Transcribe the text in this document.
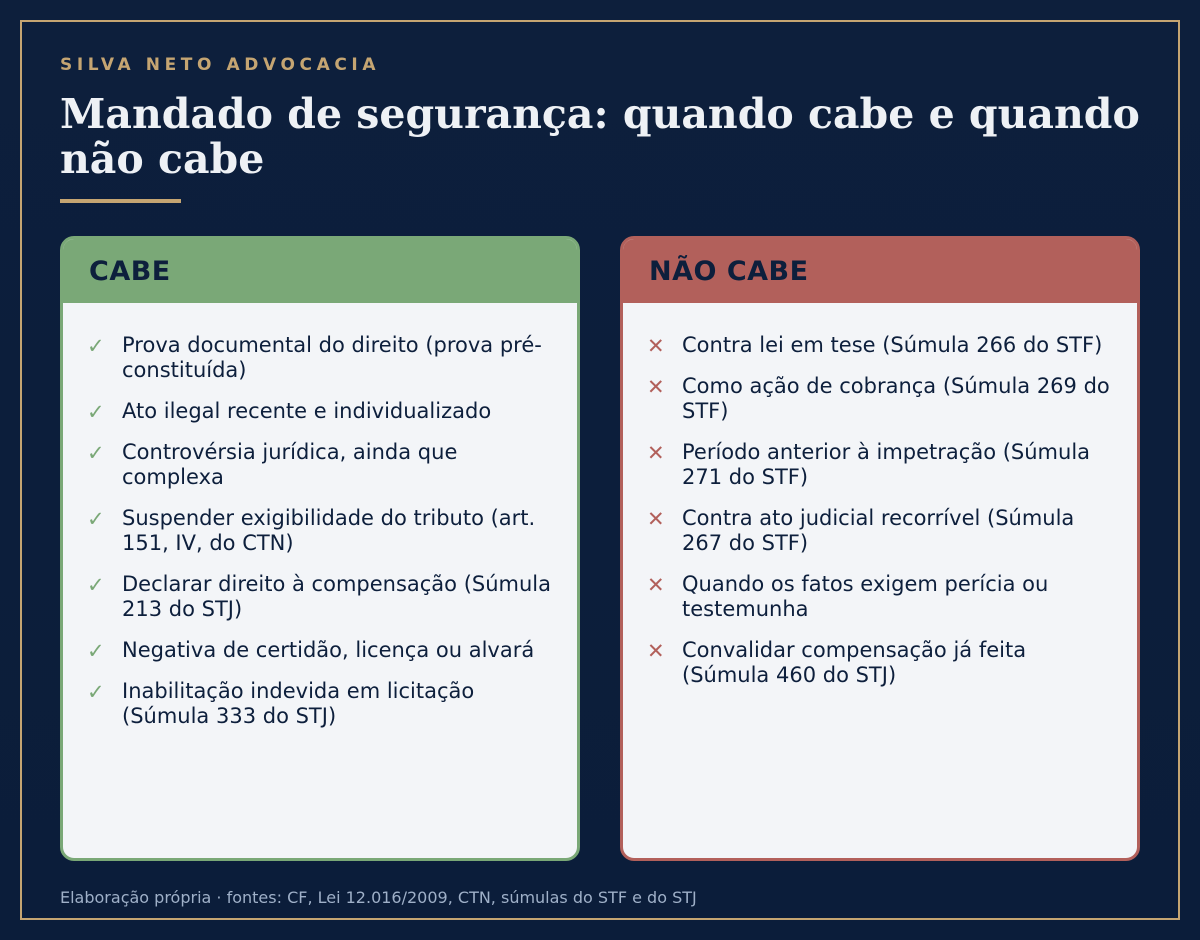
SILVA NETO ADVOCACIA
Mandado de segurança: quando cabe e quando não cabe
CABE
✓ Prova documental do direito (prova pré-constituída)
✓ Ato ilegal recente e individualizado
✓ Controvérsia jurídica, ainda que complexa
✓ Suspender exigibilidade do tributo (art. 151, IV, do CTN)
✓ Declarar direito à compensação (Súmula 213 do STJ)
✓ Negativa de certidão, licença ou alvará
✓ Inabilitação indevida em licitação (Súmula 333 do STJ)
NÃO CABE
✕ Contra lei em tese (Súmula 266 do STF)
✕ Como ação de cobrança (Súmula 269 do STF)
✕ Período anterior à impetração (Súmula 271 do STF)
✕ Contra ato judicial recorrível (Súmula 267 do STF)
✕ Quando os fatos exigem perícia ou testemunha
✕ Convalidar compensação já feita (Súmula 460 do STJ)
Elaboração própria · fontes: CF, Lei 12.016/2009, CTN, súmulas do STF e do STJ
